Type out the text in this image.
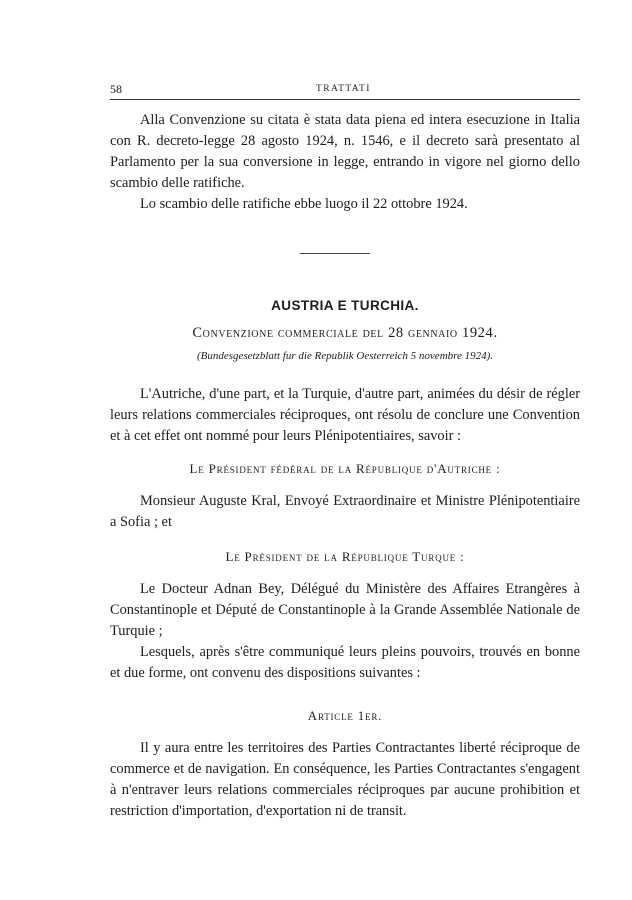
58	TRATTATI

Alla Convenzione su citata è stata data piena ed intera esecuzione in Italia con R. decreto-legge 28 agosto 1924, n. 1546, e il decreto sarà presentato al Parlamento per la sua conversione in legge, entrando in vigore nel giorno dello scambio delle ratifiche.

Lo scambio delle ratifiche ebbe luogo il 22 ottobre 1924.

AUSTRIA E TURCHIA.
Convenzione commerciale del 28 gennaio 1924.
(Bundesgesetzblatt fur die Republik Oesterreich 5 novembre 1924).

L'Autriche, d'une part, et la Turquie, d'autre part, animées du désir de régler leurs relations commerciales réciproques, ont résolu de conclure une Convention et à cet effet ont nommé pour leurs Plénipotentiaires, savoir :

Le Président fédéral de la République d'Autriche :

Monsieur Auguste Kral, Envoyé Extraordinaire et Ministre Plénipotentiaire a Sofia ; et

Le Président de la République Turque :

Le Docteur Adnan Bey, Délégué du Ministère des Affaires Etrangères à Constantinople et Député de Constantinople à la Grande Assemblée Nationale de Turquie ;

Lesquels, après s'être communiqué leurs pleins pouvoirs, trouvés en bonne et due forme, ont convenu des dispositions suivantes :

Article 1er.

Il y aura entre les territoires des Parties Contractantes liberté réciproque de commerce et de navigation. En conséquence, les Parties Contractantes s'engagent à n'entraver leurs relations commerciales réciproques par aucune prohibition et restriction d'importation, d'exportation ni de transit.
